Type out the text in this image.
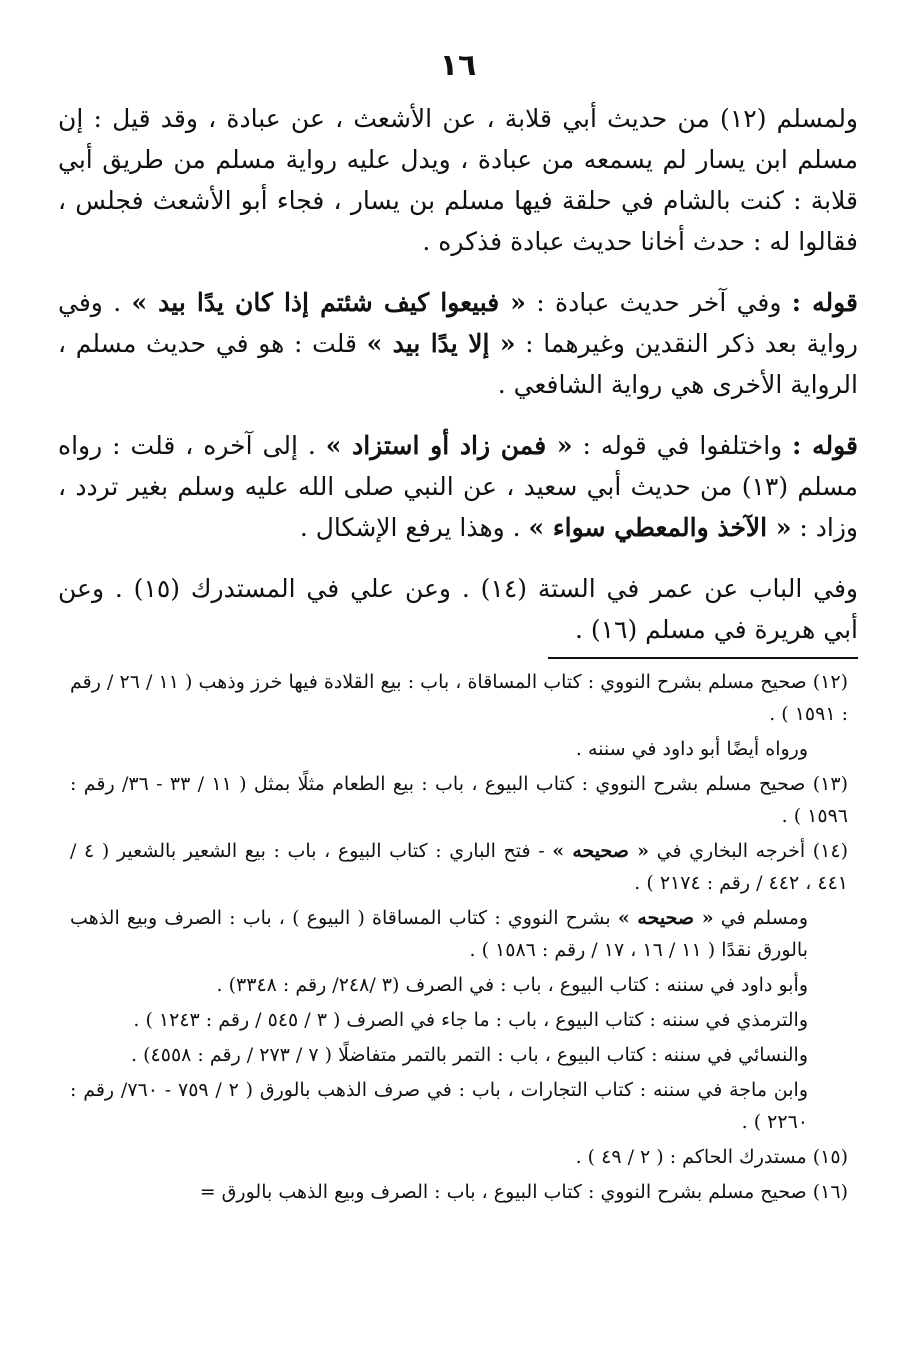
١٦

ولمسلم (١٢) من حديث أبي قلابة ، عن الأشعث ، عن عبادة ، وقد قيل : إن مسلم ابن يسار لم يسمعه من عبادة ، ويدل عليه رواية مسلم من طريق أبي قلابة : كنت بالشام في حلقة فيها مسلم بن يسار ، فجاء أبو الأشعث فجلس ، فقالوا له : حدث أخانا حديث عبادة فذكره .

قوله : وفي آخر حديث عبادة : « فبيعوا كيف شئتم إذا كان يدًا بيد » . وفي رواية بعد ذكر النقدين وغيرهما : « إلا يدًا بيد » قلت : هو في حديث مسلم ، الرواية الأخرى هي رواية الشافعي .

قوله : واختلفوا في قوله : « فمن زاد أو استزاد » . إلى آخره ، قلت : رواه مسلم (١٣) من حديث أبي سعيد ، عن النبي صلى الله عليه وسلم بغير تردد ، وزاد : « الآخذ والمعطي سواء » . وهذا يرفع الإشكال .

وفي الباب عن عمر في الستة (١٤) . وعن علي في المستدرك (١٥) . وعن أبي هريرة في مسلم (١٦) .

(١٢) صحيح مسلم بشرح النووي : كتاب المساقاة ، باب : بيع القلادة فيها خرز وذهب ( ١١ / ٢٦ / رقم : ١٥٩١ ) .

ورواه أيضًا أبو داود في سننه .

(١٣) صحيح مسلم بشرح النووي : كتاب البيوع ، باب : بيع الطعام مثلًا بمثل ( ١١ / ٣٣ - ٣٦/ رقم : ١٥٩٦ ) .

(١٤) أخرجه البخاري في « صحيحه » - فتح الباري : كتاب البيوع ، باب : بيع الشعير بالشعير ( ٤ / ٤٤١ ، ٤٤٢ / رقم : ٢١٧٤ ) .

ومسلم في « صحيحه » بشرح النووي : كتاب المساقاة ( البيوع ) ، باب : الصرف وبيع الذهب بالورق نقدًا ( ١١ / ١٦ ، ١٧ / رقم : ١٥٨٦ ) .

وأبو داود في سننه : كتاب البيوع ، باب : في الصرف (٣ /٢٤٨/ رقم : ٣٣٤٨) .

والترمذي في سننه : كتاب البيوع ، باب : ما جاء في الصرف ( ٣ / ٥٤٥ / رقم : ١٢٤٣ ) .

والنسائي في سننه : كتاب البيوع ، باب : التمر بالتمر متفاضلًا ( ٧ / ٢٧٣ / رقم : ٤٥٥٨) .

وابن ماجة في سننه : كتاب التجارات ، باب : في صرف الذهب بالورق ( ٢ / ٧٥٩ - ٧٦٠/ رقم : ٢٢٦٠ ) .

(١٥) مستدرك الحاكم : ( ٢ / ٤٩ ) .

(١٦) صحيح مسلم بشرح النووي : كتاب البيوع ، باب : الصرف وبيع الذهب بالورق =
